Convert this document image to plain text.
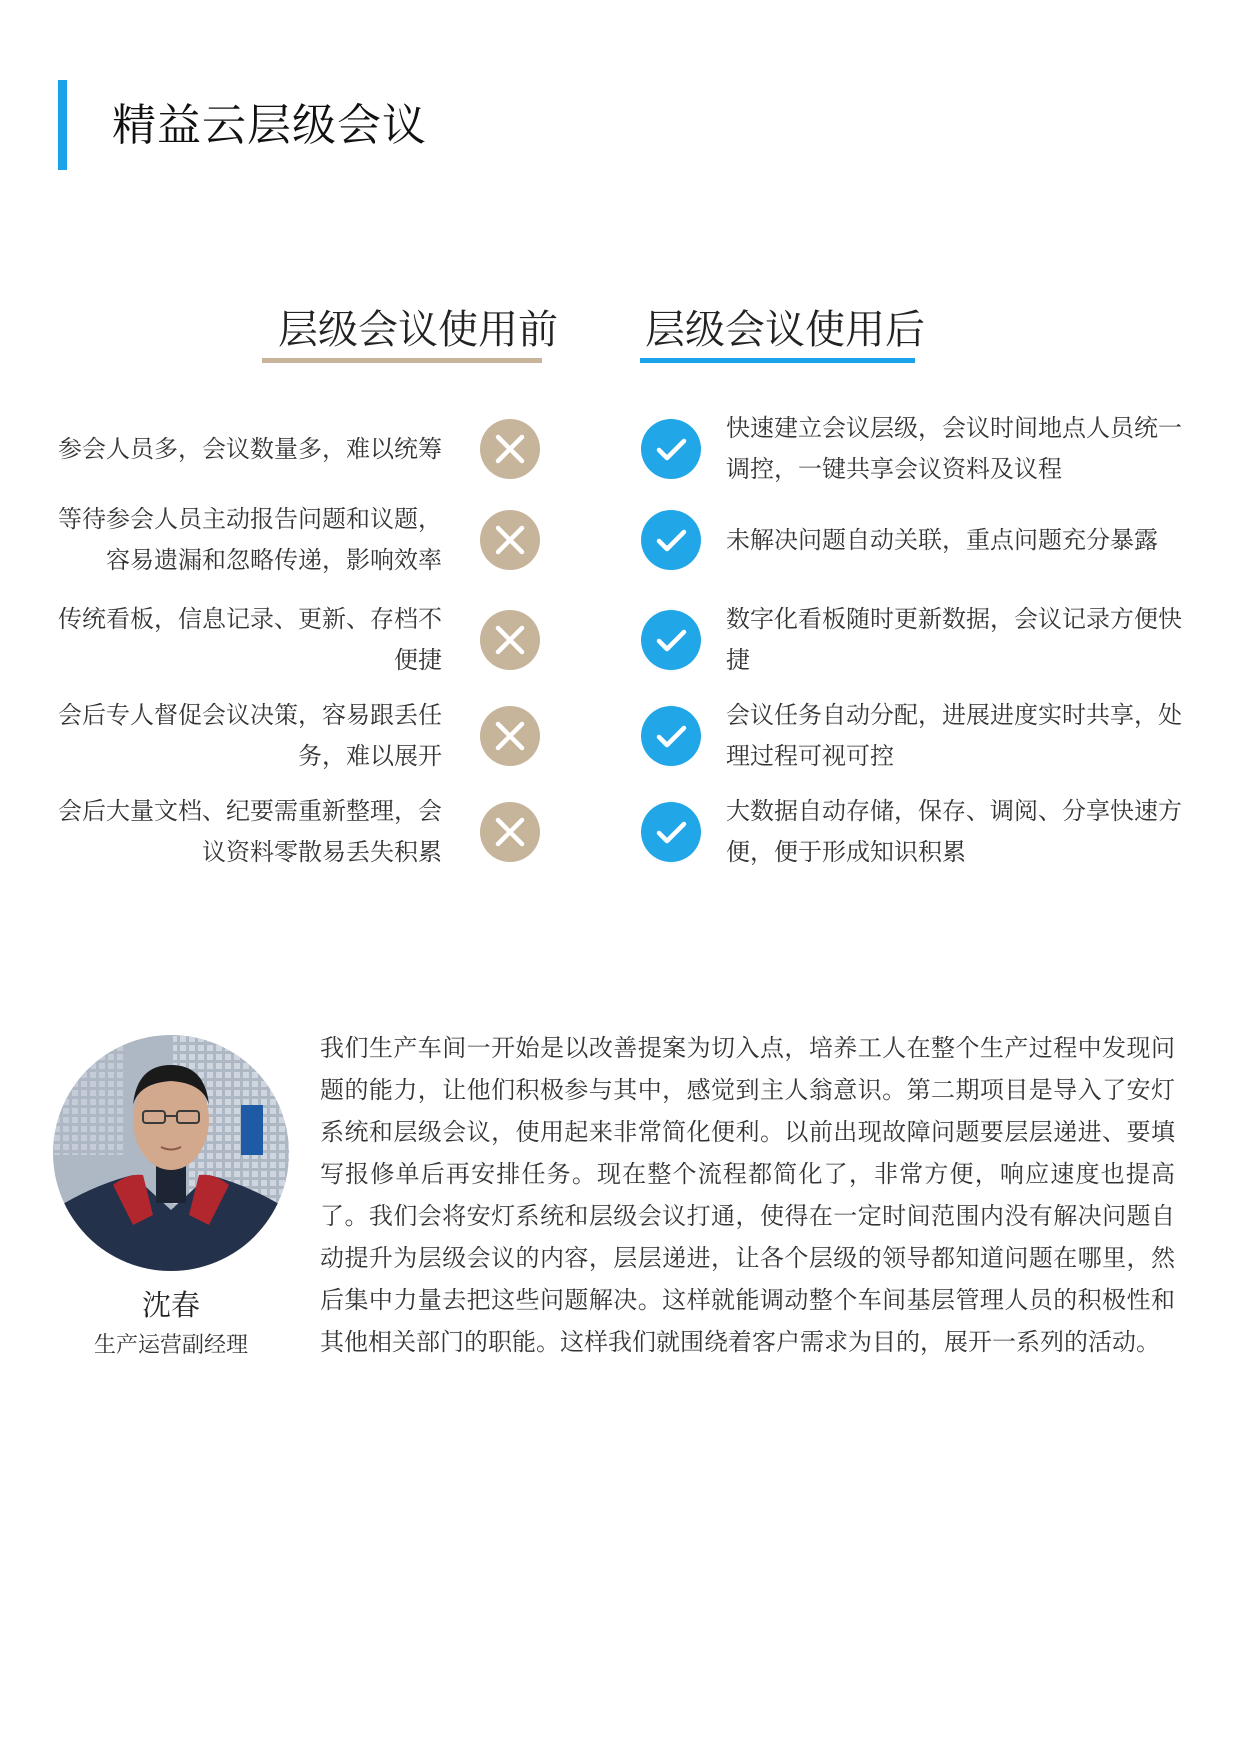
精益云层级会议
层级会议使用前 层级会议使用后
参会人员多，会议数量多，难以统筹
快速建立会议层级，会议时间地点人员统一调控，一键共享会议资料及议程
等待参会人员主动报告问题和议题，容易遗漏和忽略传递，影响效率
未解决问题自动关联，重点问题充分暴露
传统看板，信息记录、更新、存档不便捷
数字化看板随时更新数据，会议记录方便快捷
会后专人督促会议决策，容易跟丢任务，难以展开
会议任务自动分配，进展进度实时共享，处理过程可视可控
会后大量文档、纪要需重新整理，会议资料零散易丢失积累
大数据自动存储，保存、调阅、分享快速方便，便于形成知识积累
沈春
生产运营副经理
我们生产车间一开始是以改善提案为切入点，培养工人在整个生产过程中发现问题的能力，让他们积极参与其中，感觉到主人翁意识。第二期项目是导入了安灯系统和层级会议，使用起来非常简化便利。以前出现故障问题要层层递进、要填写报修单后再安排任务。现在整个流程都简化了，非常方便，响应速度也提高了。我们会将安灯系统和层级会议打通，使得在一定时间范围内没有解决问题自动提升为层级会议的内容，层层递进，让各个层级的领导都知道问题在哪里，然后集中力量去把这些问题解决。这样就能调动整个车间基层管理人员的积极性和其他相关部门的职能。这样我们就围绕着客户需求为目的，展开一系列的活动。
